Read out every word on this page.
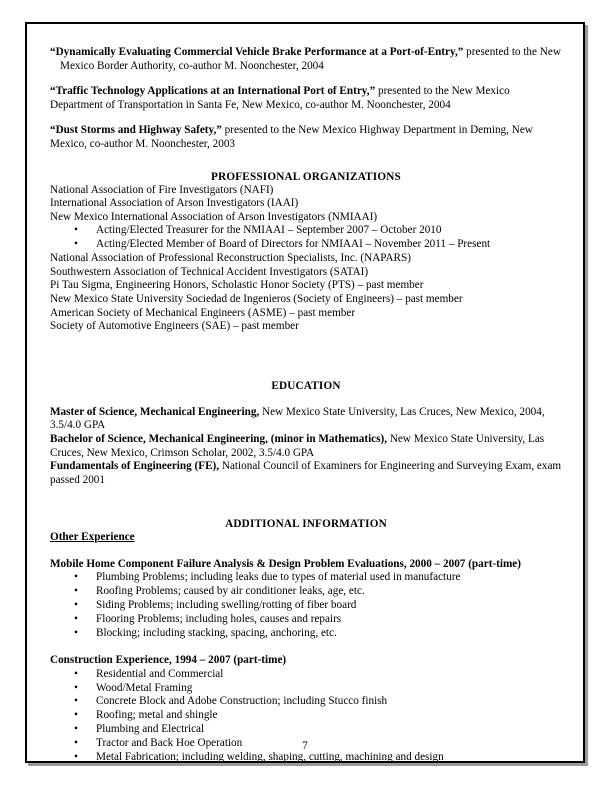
“Dynamically Evaluating Commercial Vehicle Brake Performance at a Port-of-Entry,” presented to the New Mexico Border Authority, co-author M. Noonchester, 2004

“Traffic Technology Applications at an International Port of Entry,” presented to the New Mexico Department of Transportation in Santa Fe, New Mexico, co-author M. Noonchester, 2004

“Dust Storms and Highway Safety,” presented to the New Mexico Highway Department in Deming, New Mexico, co-author M. Noonchester, 2003

PROFESSIONAL ORGANIZATIONS

National Association of Fire Investigators (NAFI)

International Association of Arson Investigators (IAAI)

New Mexico International Association of Arson Investigators (NMIAAI)

• Acting/Elected Treasurer for the NMIAAI – September 2007 – October 2010
• Acting/Elected Member of Board of Directors for NMIAAI – November 2011 – Present

National Association of Professional Reconstruction Specialists, Inc. (NAPARS)

Southwestern Association of Technical Accident Investigators (SATAI)

Pi Tau Sigma, Engineering Honors, Scholastic Honor Society (PTS) – past member

New Mexico State University Sociedad de Ingenieros (Society of Engineers) – past member

American Society of Mechanical Engineers (ASME) – past member

Society of Automotive Engineers (SAE) – past member

EDUCATION

Master of Science, Mechanical Engineering, New Mexico State University, Las Cruces, New Mexico, 2004, 3.5/4.0 GPA

Bachelor of Science, Mechanical Engineering, (minor in Mathematics), New Mexico State University, Las Cruces, New Mexico, Crimson Scholar, 2002, 3.5/4.0 GPA

Fundamentals of Engineering (FE), National Council of Examiners for Engineering and Surveying Exam, exam passed 2001

ADDITIONAL INFORMATION

Other Experience

Mobile Home Component Failure Analysis & Design Problem Evaluations, 2000 – 2007 (part-time)

• Plumbing Problems; including leaks due to types of material used in manufacture
• Roofing Problems; caused by air conditioner leaks, age, etc.
• Siding Problems; including swelling/rotting of fiber board
• Flooring Problems; including holes, causes and repairs
• Blocking; including stacking, spacing, anchoring, etc.

Construction Experience, 1994 – 2007 (part-time)

• Residential and Commercial
• Wood/Metal Framing
• Concrete Block and Adobe Construction; including Stucco finish
• Roofing; metal and shingle
• Plumbing and Electrical
• Tractor and Back Hoe Operation
• Metal Fabrication; including welding, shaping, cutting, machining and design
7
